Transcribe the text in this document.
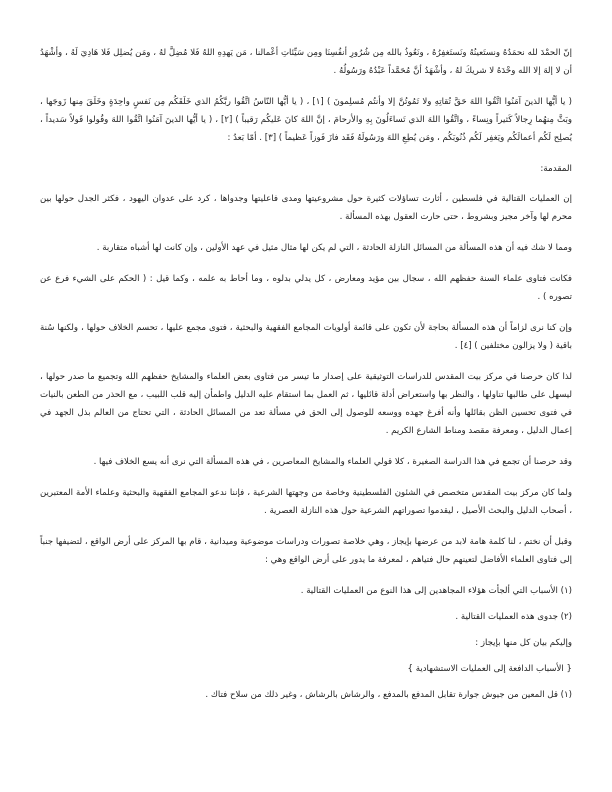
إنّ الحمْدَ لله نحمَدُهُ ونستَعينُهُ ونَستَغفِرُهُ ، ونَعُوذُ بالله مِن شُرُورِ أنفُسِنَا ومِن سَيِّئاتِ أعْمالنا ، مَن يَهدِهِ اللهُ فَلا مُضِلَّ لهُ ، ومَن يُضلِل فَلا هَادِيَ لَهُ ، وأشْهَدُ أن لا إلهَ إلا الله وحْدَهُ لا شريكَ لهُ ، وأشْهَدُ أنَّ مُحَمَّداً عَبْدُهُ ورَسُولُهُ .

( يا أيُّها الذينَ آمَنُوا اتَّقُوا اللهَ حَقَّ تُقاتِهِ ولا تَمُوتُنَّ إلا وأنتُم مُسلِمونَ ) [١] ، ( يا أيُّها النّاسُ اتَّقُوا ربَّكُمُ الذي خَلَقَكُم مِن نَفسٍ واحِدَةٍ وخَلَقَ مِنها زَوجَها ، وبَثَّ مِنهُما رِجالاً كَثيراً ونِساءً ، واتَّقُوا اللهَ الذي تَساءَلُونَ بِهِ والأرحامَ ، إنَّ اللهَ كانَ عَليكُم رَقيباً ) [٢] ، ( يا أيُّها الذينَ آمَنُوا اتَّقُوا اللهَ وقُولوا قَولاً سَديداً ، يُصلِح لَكُم أعمالَكُم ويَغفِر لَكُم ذُنُوبَكُم ، ومَن يُطِعِ اللهَ ورَسُولَهُ فَقَد فازَ فَوزاً عَظيماً ) [٣] . أمّا بَعدُ :

المقدمة:

إن العمليات القتالية في فلسطين ، أثارت تساؤلات كثيرة حول مشروعيتها ومدى فاعليتها وجدواها ، كرد على عدوان اليهود ، فكثر الجدل حولها بين محرم لها وآخر مجيز وبشروط ، حتى حارت العقول بهذه المسألة .

ومما لا شك فيه أن هذه المسألة من المسائل النازلة الحادثة ، التي لم يكن لها مثال مثيل في عهد الأولين ، وإن كانت لها أشباه متقاربة .

فكانت فتاوى علماء السنة حفظهم الله ، سجال بين مؤيد ومعارض ، كل يدلي بدلوه ، وما أحاط به علمه ، وكما قيل : ( الحكم على الشيء فرع عن تصوره ) .

وإن كنا نرى لزاماً أن هذه المسألة بحاجة لأن تكون على قائمة أولويات المجامع الفقهية والبحثية ، فتوى مجمع عليها ، تحسم الخلاف حولها ، ولكنها سُنة باقية ( ولا يزالون مختلفين ) [٤] .

لذا كان حرصنا في مركز بيت المقدس للدراسات التوثيقية على إصدار ما تيسر من فتاوى بعض العلماء والمشايخ حفظهم الله وتجميع ما صدر حولها ، ليسهل على طالبها تناولها ، والنظر بها واستعراض أدلة قائليها ، ثم العمل بما استقام عليه الدليل واطمأن إليه قلب اللبيب ، مع الحذر من الطعن بالنيات في فتوى تحسين الظن بقائلها وأنه أفرغ جهده ووسعه للوصول إلى الحق في مسألة تعد من المسائل الحادثة ، التي تحتاج من العالم بذل الجهد في إعمال الدليل ، ومعرفة مقصد ومناط الشارع الكريم .

وقد حرصنا أن تجمع في هذا الدراسة الصغيرة ، كلا قولي العلماء والمشايخ المعاصرين ، في هذه المسألة التي نرى أنه يسع الخلاف فيها .

ولما كان مركز بيت المقدس متخصص في الشئون الفلسطينية وخاصة من وجهتها الشرعية ، فإننا ندعو المجامع الفقهية والبحثية وعلماء الأمة المعتبرين ، أصحاب الدليل والبحث الأصيل ، ليقدموا تصوراتهم الشرعية حول هذه النازلة العصرية .

وقبل أن نختم ، لنا كلمة هامة لابد من عرضها بإيجاز ، وهي خلاصة تصورات ودراسات موضوعية وميدانية ، قام بها المركز على أرض الواقع ، لتضيفها جنباً إلى فتاوى العلماء الأفاضل لتعينهم حال فتياهم ، لمعرفة ما يدور على أرض الواقع وهي :

(١) الأسباب التي ألجأت هؤلاء المجاهدين إلى هذا النوع من العمليات القتالية .

(٢) جدوى هذه العمليات القتالية .

وإليكم بيان كل منها بإيجاز :

{ الأسباب الدافعة إلى العمليات الاستشهادية }

(١) قل المعين من جيوش جوارة تقابل المدفع بالمدفع ، والرشاش بالرشاش ، وغير ذلك من سلاح فتاك .
